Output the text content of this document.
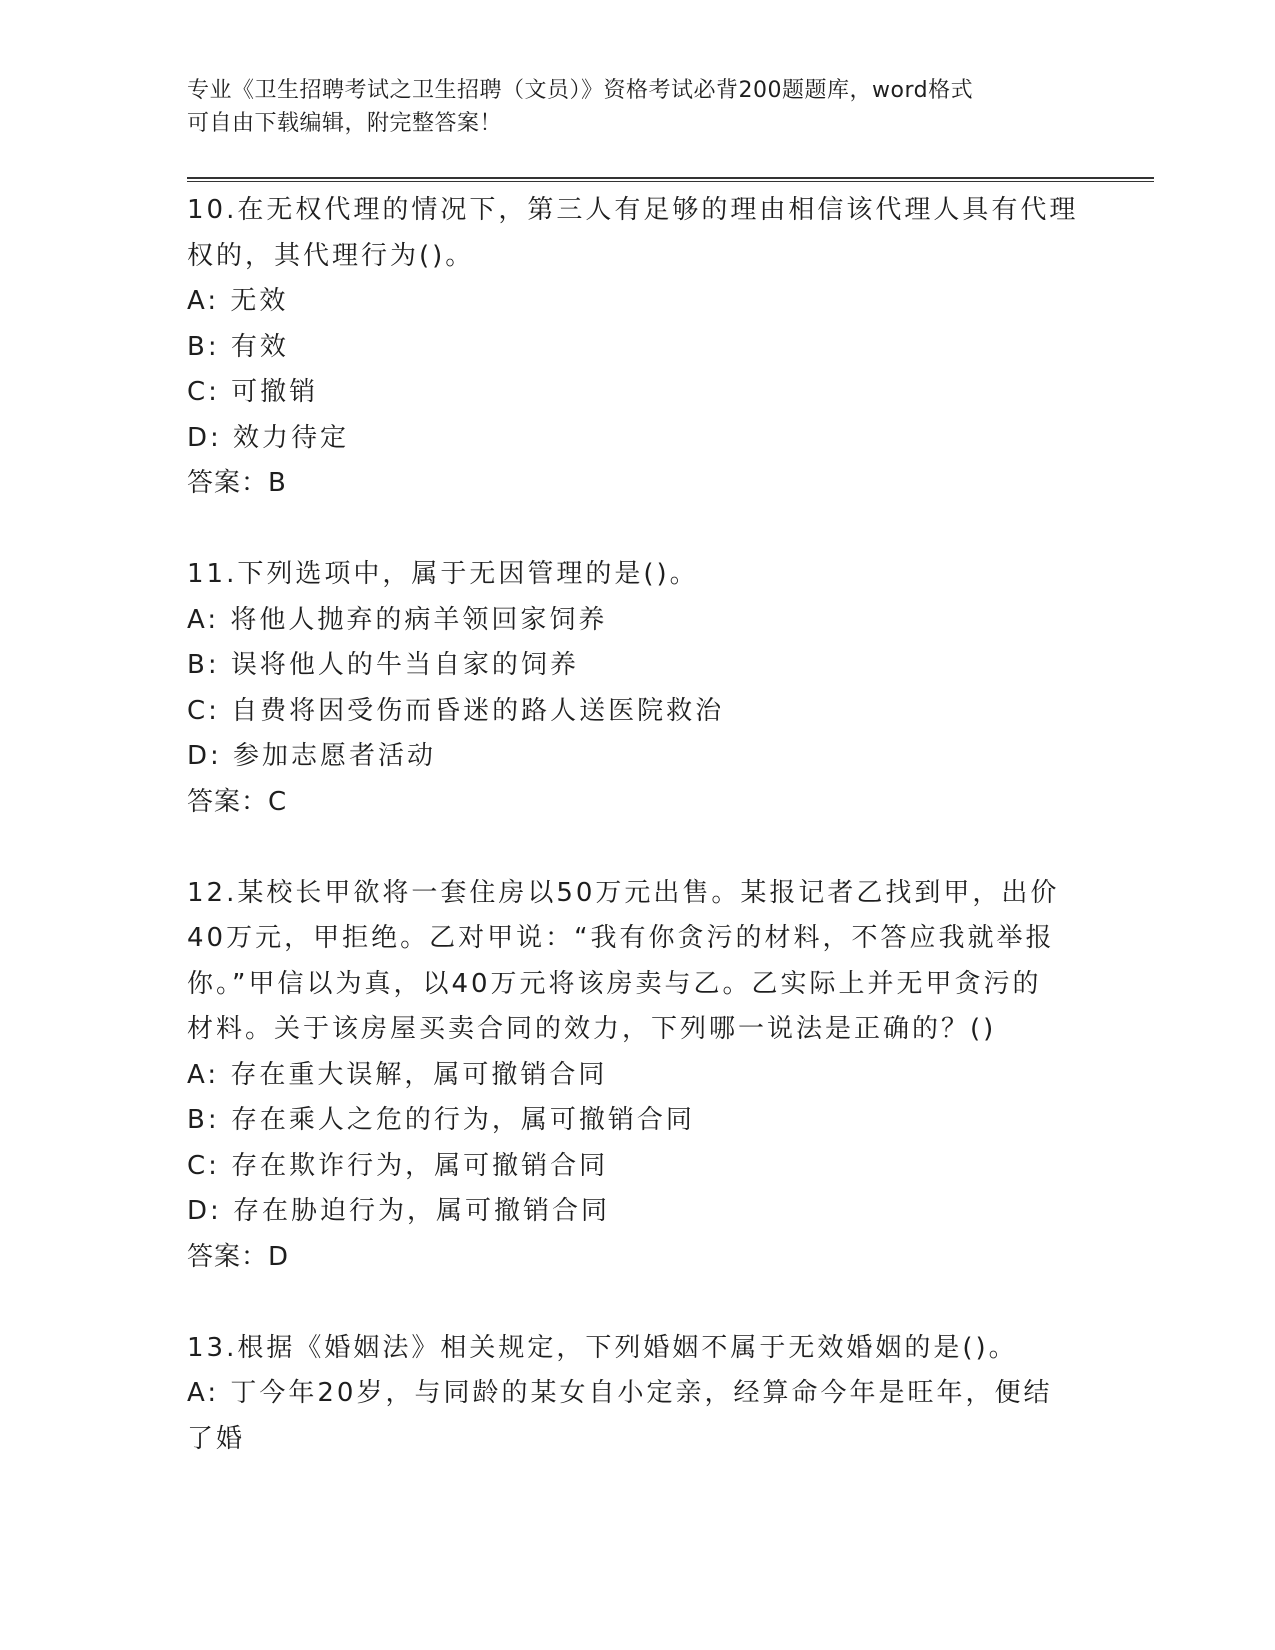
专业《卫生招聘考试之卫生招聘（文员）》资格考试必背200题题库，word格式
可自由下载编辑，附完整答案！
10.在无权代理的情况下，第三人有足够的理由相信该代理人具有代理
权的，其代理行为()。
A: 无效
B: 有效
C: 可撤销
D: 效力待定
答案：B
11.下列选项中，属于无因管理的是()。
A: 将他人抛弃的病羊领回家饲养
B: 误将他人的牛当自家的饲养
C: 自费将因受伤而昏迷的路人送医院救治
D: 参加志愿者活动
答案：C
12.某校长甲欲将一套住房以50万元出售。某报记者乙找到甲，出价
40万元，甲拒绝。乙对甲说：“我有你贪污的材料，不答应我就举报
你。”甲信以为真，以40万元将该房卖与乙。乙实际上并无甲贪污的
材料。关于该房屋买卖合同的效力，下列哪一说法是正确的？()
A: 存在重大误解，属可撤销合同
B: 存在乘人之危的行为，属可撤销合同
C: 存在欺诈行为，属可撤销合同
D: 存在胁迫行为，属可撤销合同
答案：D
13.根据《婚姻法》相关规定，下列婚姻不属于无效婚姻的是()。
A: 丁今年20岁，与同龄的某女自小定亲，经算命今年是旺年，便结
了婚
